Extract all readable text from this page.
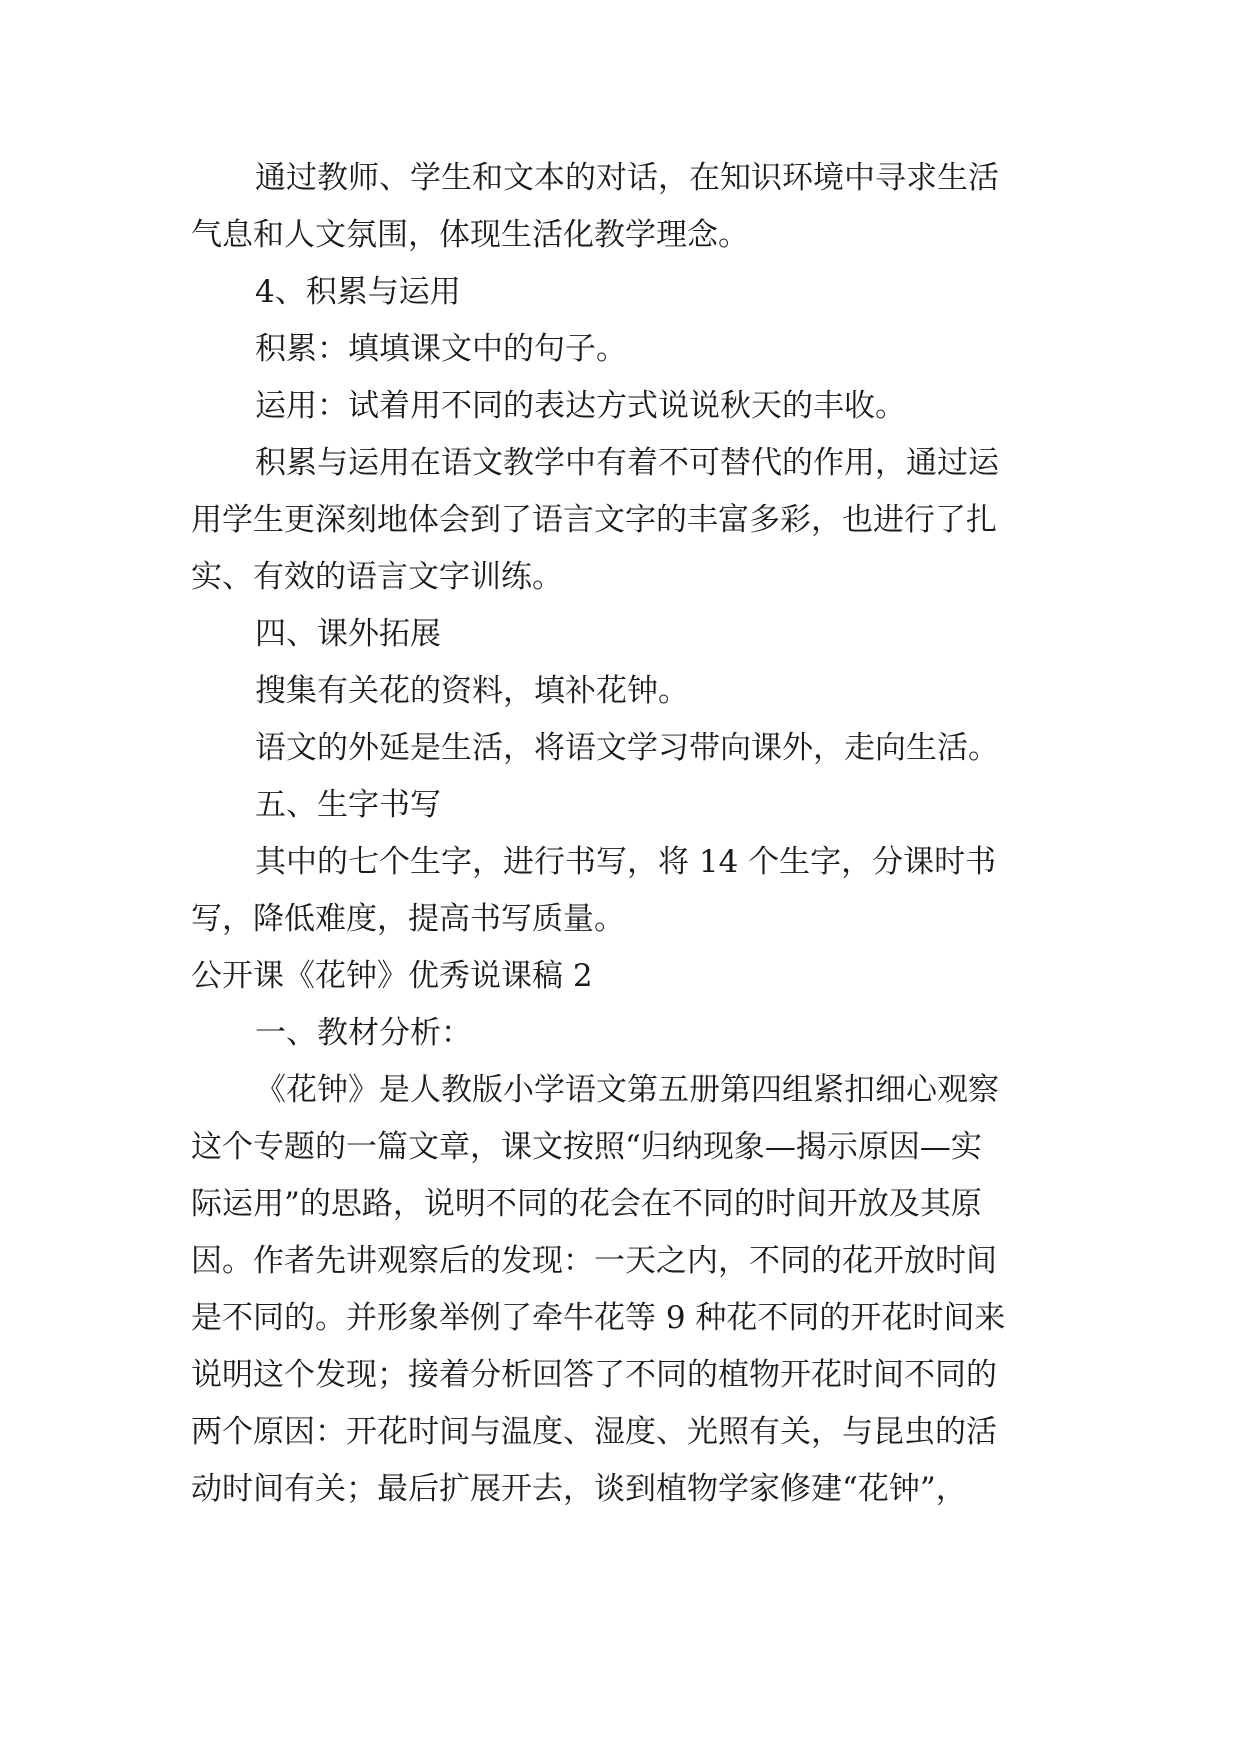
通过教师、学生和文本的对话，在知识环境中寻求生活
气息和人文氛围，体现生活化教学理念。
4、积累与运用
积累：填填课文中的句子。
运用：试着用不同的表达方式说说秋天的丰收。
积累与运用在语文教学中有着不可替代的作用，通过运
用学生更深刻地体会到了语言文字的丰富多彩，也进行了扎
实、有效的语言文字训练。
四、课外拓展
搜集有关花的资料，填补花钟。
语文的外延是生活，将语文学习带向课外，走向生活。
五、生字书写
其中的七个生字，进行书写，将 14 个生字，分课时书
写，降低难度，提高书写质量。
公开课《花钟》优秀说课稿 2
一、教材分析：
《花钟》是人教版小学语文第五册第四组紧扣细心观察
这个专题的一篇文章，课文按照“归纳现象—揭示原因—实
际运用”的思路，说明不同的花会在不同的时间开放及其原
因。作者先讲观察后的发现：一天之内，不同的花开放时间
是不同的。并形象举例了牵牛花等 9 种花不同的开花时间来
说明这个发现；接着分析回答了不同的植物开花时间不同的
两个原因：开花时间与温度、湿度、光照有关，与昆虫的活
动时间有关；最后扩展开去，谈到植物学家修建“花钟”，
